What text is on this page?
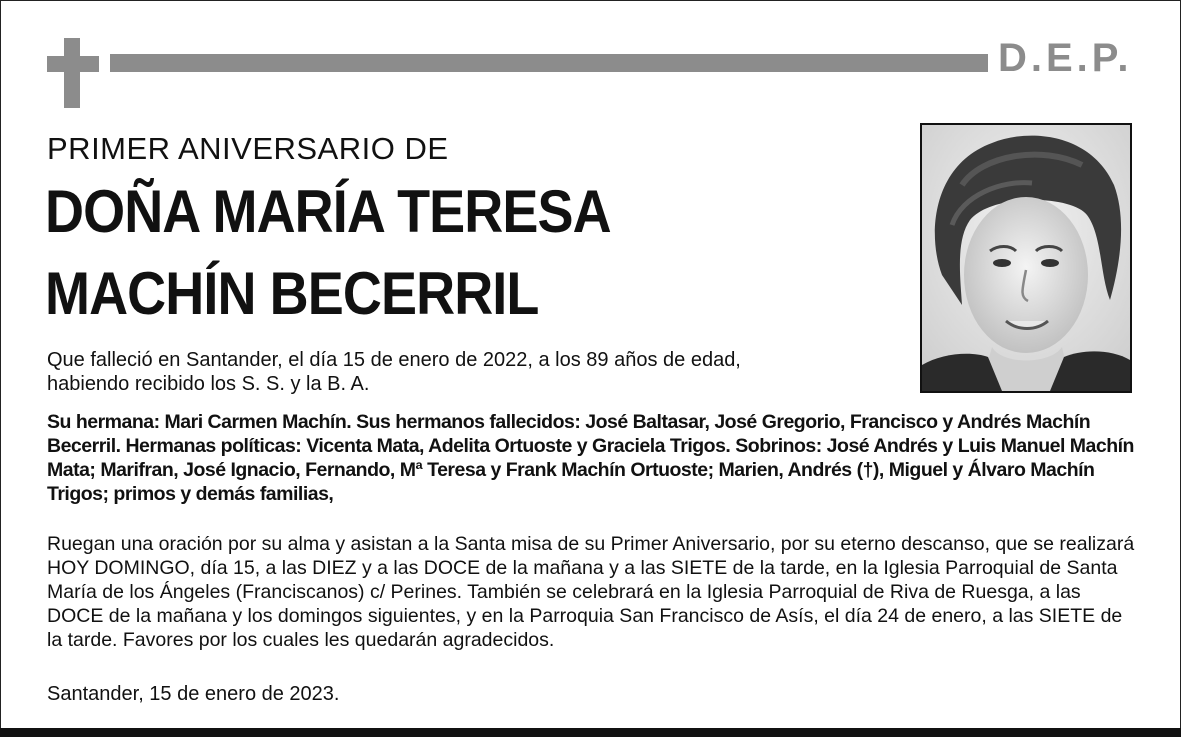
D.E.P.
PRIMER ANIVERSARIO DE
DOÑA MARÍA TERESA
MACHÍN BECERRIL

Que falleció en Santander, el día 15 de enero de 2022, a los 89 años de edad, habiendo recibido los S. S. y la B. A.

Su hermana: Mari Carmen Machín. Sus hermanos fallecidos: José Baltasar, José Gregorio, Francisco y Andrés Machín Becerril. Hermanas políticas: Vicenta Mata, Adelita Ortuoste y Graciela Trigos. Sobrinos: José Andrés y Luis Manuel Machín Mata; Marifran, José Ignacio, Fernando, Mª Teresa y Frank Machín Ortuoste; Marien, Andrés (†), Miguel y Álvaro Machín Trigos; primos y demás familias,

Ruegan una oración por su alma y asistan a la Santa misa de su Primer Aniversario, por su eterno descanso, que se realizará HOY DOMINGO, día 15, a las DIEZ y a las DOCE de la mañana y a las SIETE de la tarde, en la Iglesia Parroquial de Santa María de los Ángeles (Franciscanos) c/ Perines. También se celebrará en la Iglesia Parroquial de Riva de Ruesga, a las DOCE de la mañana y los domingos siguientes, y en la Parroquia San Francisco de Asís, el día 24 de enero, a las SIETE de la tarde. Favores por los cuales les quedarán agradecidos.

Santander, 15 de enero de 2023.
